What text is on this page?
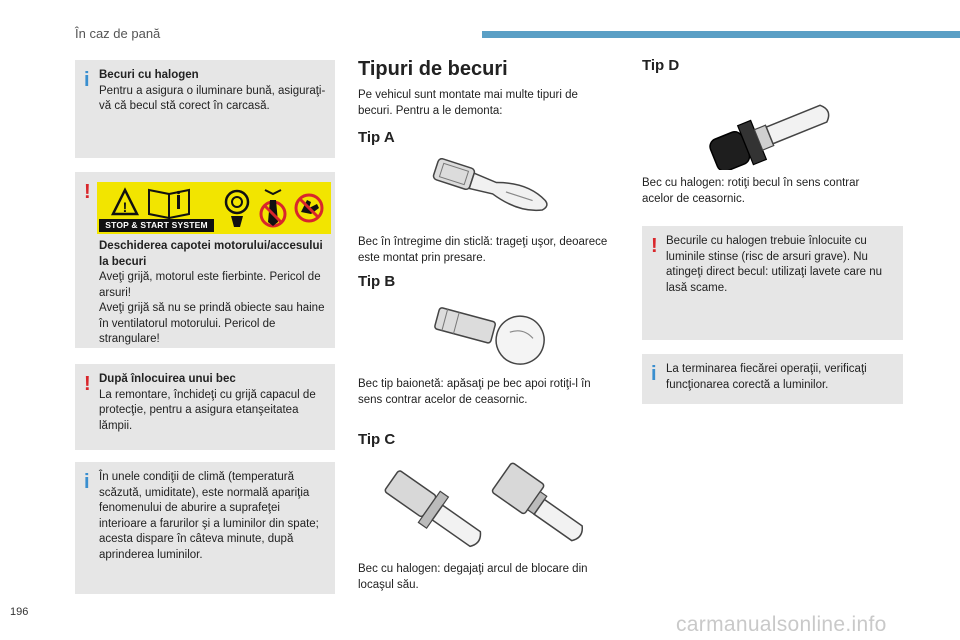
În caz de pană
i Becuri cu halogen
Pentru a asigura o iluminare bună, asiguraţi-vă că becul stă corect în carcasă.
!
Deschiderea capotei motorului/accesului la becuri
Aveţi grijă, motorul este fierbinte. Pericol de arsuri!
Aveţi grijă să nu se prindă obiecte sau haine în ventilatorul motorului. Pericol de strangulare!
!
STOP & START SYSTEM
! După înlocuirea unui bec
La remontare, închideţi cu grijă capacul de protecţie, pentru a asigura etanşeitatea lămpii.
i În unele condiţii de climă (temperatură scăzută, umiditate), este normală apariţia fenomenului de aburire a suprafeţei interioare a farurilor şi a luminilor din spate; acesta dispare în câteva minute, după aprinderea luminilor.
Tipuri de becuri
Pe vehicul sunt montate mai multe tipuri de becuri. Pentru a le demonta:
Tip A
Bec în întregime din sticlă: trageţi uşor, deoarece este montat prin presare.
Tip B
Bec tip baionetă: apăsaţi pe bec apoi rotiţi-l în sens contrar acelor de ceasornic.
Tip C
Bec cu halogen: degajaţi arcul de blocare din locaşul său.
Tip D
Bec cu halogen: rotiţi becul în sens contrar acelor de ceasornic.
! Becurile cu halogen trebuie înlocuite cu luminile stinse (risc de arsuri grave). Nu atingeţi direct becul: utilizaţi lavete care nu lasă scame.
i La terminarea fiecărei operaţii, verificaţi funcţionarea corectă a luminilor.
196
carmanualsonline.info
